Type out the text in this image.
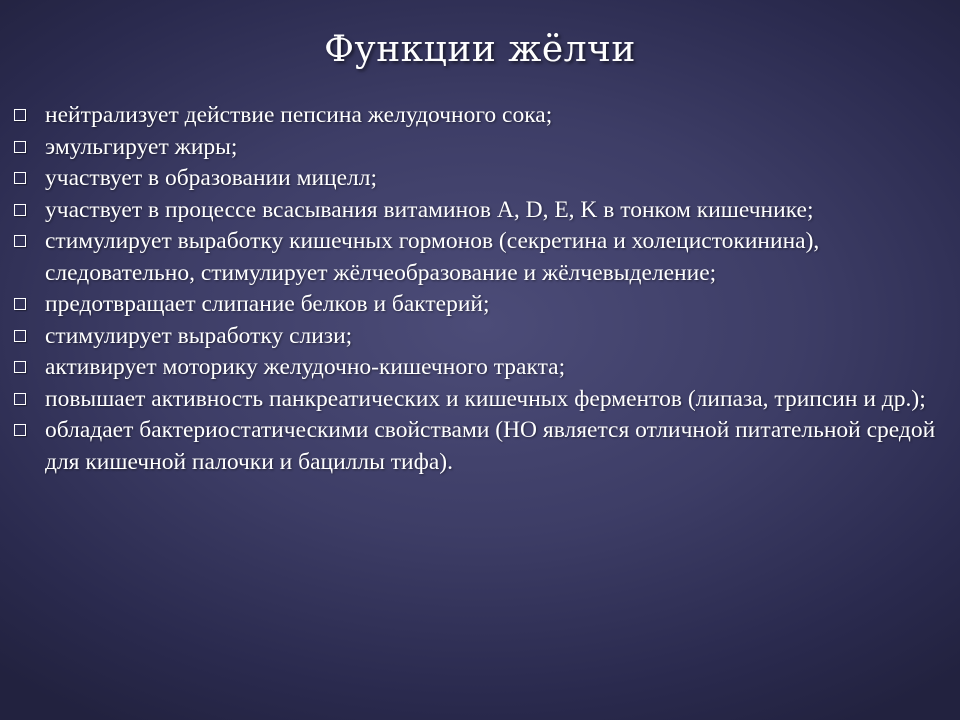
Функции жёлчи
нейтрализует действие пепсина желудочного сока;
эмульгирует жиры;
участвует в образовании мицелл;
участвует в процессе всасывания витаминов A, D, E, K в тонком кишечнике;
стимулирует выработку кишечных гормонов (секретина и холецистокинина), следовательно, стимулирует жёлчеобразование и жёлчевыделение;
предотвращает слипание белков и бактерий;
стимулирует выработку слизи;
активирует моторику желудочно-кишечного тракта;
повышает активность панкреатических и кишечных ферментов (липаза, трипсин и др.);
обладает бактериостатическими свойствами (НО является отличной питательной средой для кишечной палочки и бациллы тифа).
